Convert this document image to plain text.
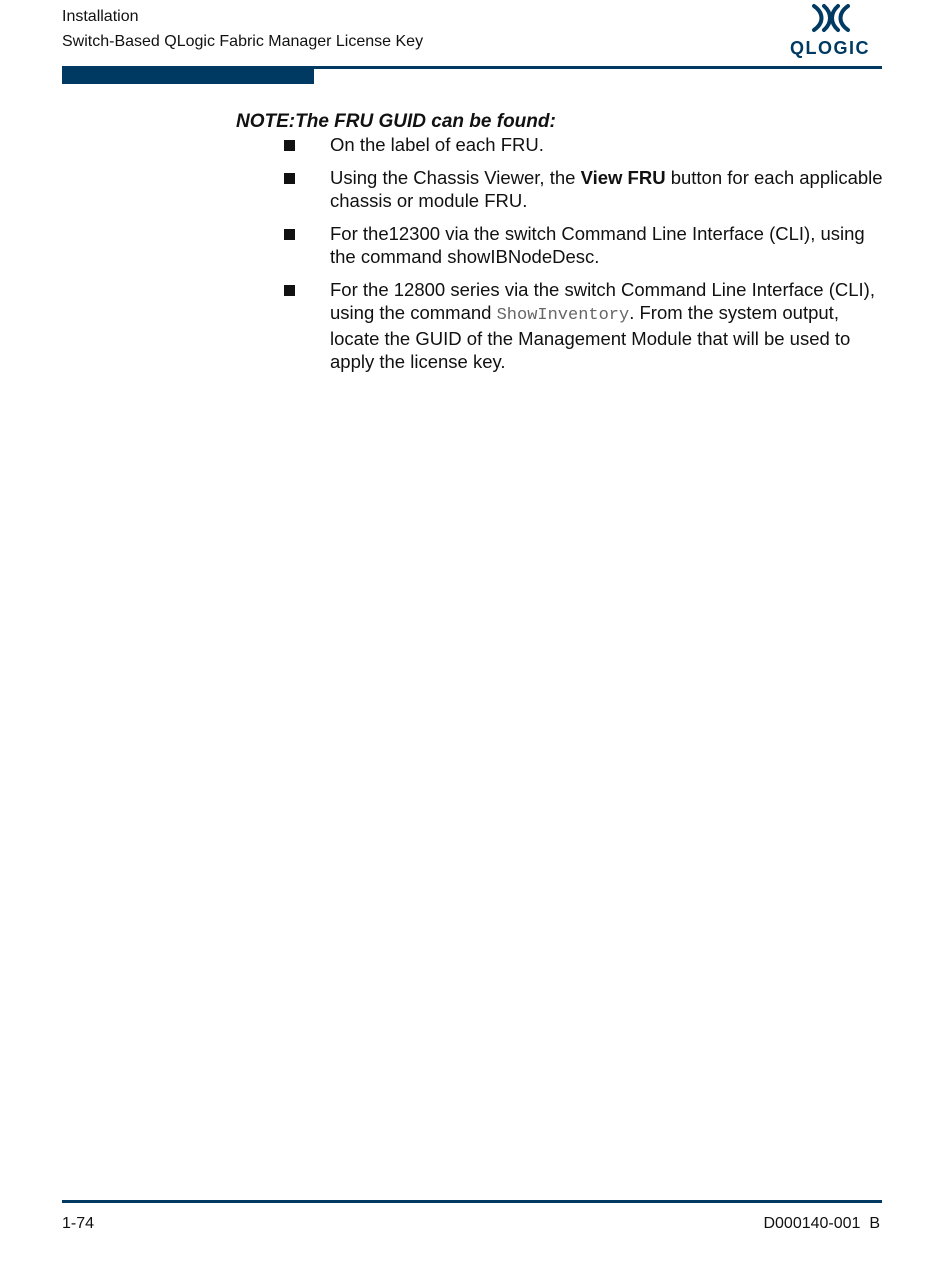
Installation
Switch-Based QLogic Fabric Manager License Key	QLOGIC
NOTE:The FRU GUID can be found:
On the label of each FRU.
Using the Chassis Viewer, the View FRU button for each applicable chassis or module FRU.
For the12300 via the switch Command Line Interface (CLI), using the command showIBNodeDesc.
For the 12800 series via the switch Command Line Interface (CLI), using the command ShowInventory. From the system output, locate the GUID of the Management Module that will be used to apply the license key.
1-74	D000140-001  B
